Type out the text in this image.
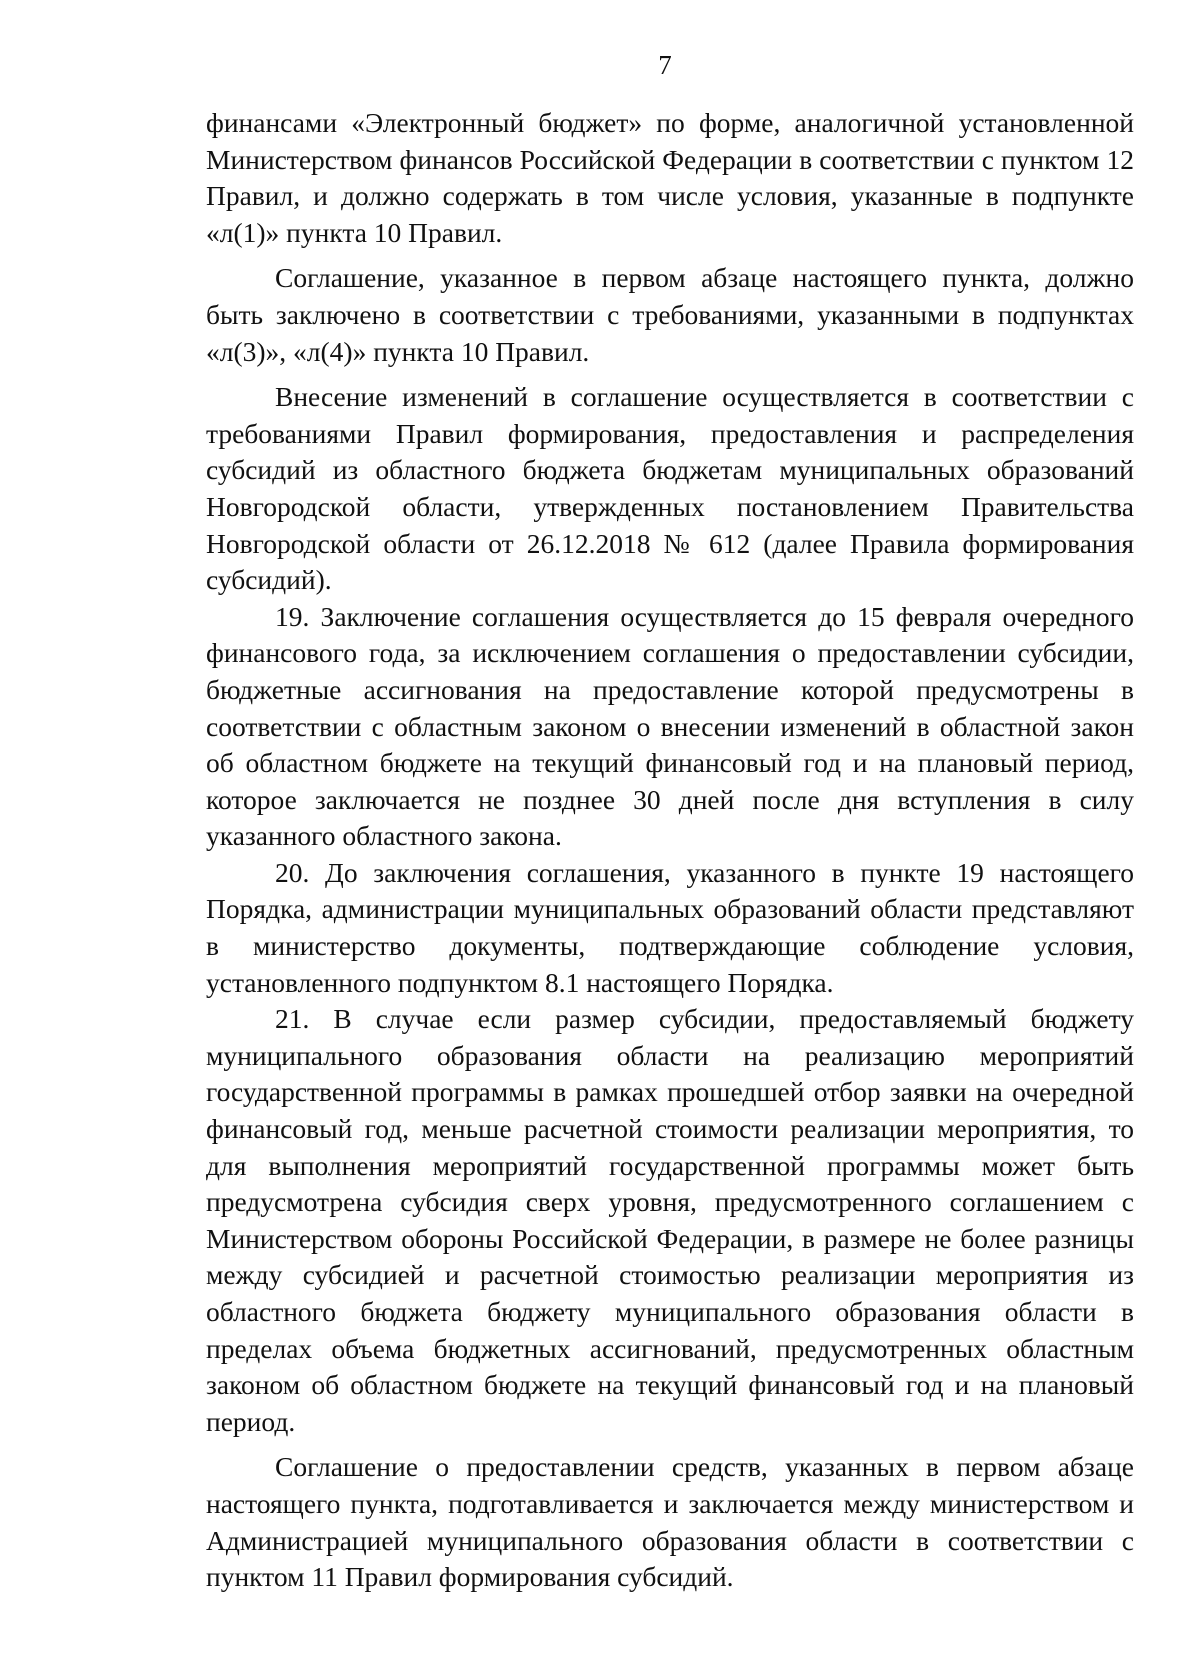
7

финансами «Электронный бюджет» по форме, аналогичной установленной Министерством финансов Российской Федерации в соответствии с пунктом 12 Правил, и должно содержать в том числе условия, указанные в подпункте «л(1)» пункта 10 Правил.

Соглашение, указанное в первом абзаце настоящего пункта, должно быть заключено в соответствии с требованиями, указанными в подпунктах «л(3)», «л(4)» пункта 10 Правил.

Внесение изменений в соглашение осуществляется в соответствии с требованиями Правил формирования, предоставления и распределения субсидий из областного бюджета бюджетам муниципальных образований Новгородской области, утвержденных постановлением Правительства Новгородской области от 26.12.2018 № 612 (далее Правила формирования субсидий).

19. Заключение соглашения осуществляется до 15 февраля очередного финансового года, за исключением соглашения о предоставлении субсидии, бюджетные ассигнования на предоставление которой предусмотрены в соответствии с областным законом о внесении изменений в областной закон об областном бюджете на текущий финансовый год и на плановый период, которое заключается не позднее 30 дней после дня вступления в силу указанного областного закона.

20. До заключения соглашения, указанного в пункте 19 настоящего Порядка, администрации муниципальных образований области представляют в министерство документы, подтверждающие соблюдение условия, установленного подпунктом 8.1 настоящего Порядка.

21. В случае если размер субсидии, предоставляемый бюджету муниципального образования области на реализацию мероприятий государственной программы в рамках прошедшей отбор заявки на очередной финансовый год, меньше расчетной стоимости реализации мероприятия, то для выполнения мероприятий государственной программы может быть предусмотрена субсидия сверх уровня, предусмотренного соглашением с Министерством обороны Российской Федерации, в размере не более разницы между субсидией и расчетной стоимостью реализации мероприятия из областного бюджета бюджету муниципального образования области в пределах объема бюджетных ассигнований, предусмотренных областным законом об областном бюджете на текущий финансовый год и на плановый период.

Соглашение о предоставлении средств, указанных в первом абзаце настоящего пункта, подготавливается и заключается между министерством и Администрацией муниципального образования области в соответствии с пунктом 11 Правил формирования субсидий.
